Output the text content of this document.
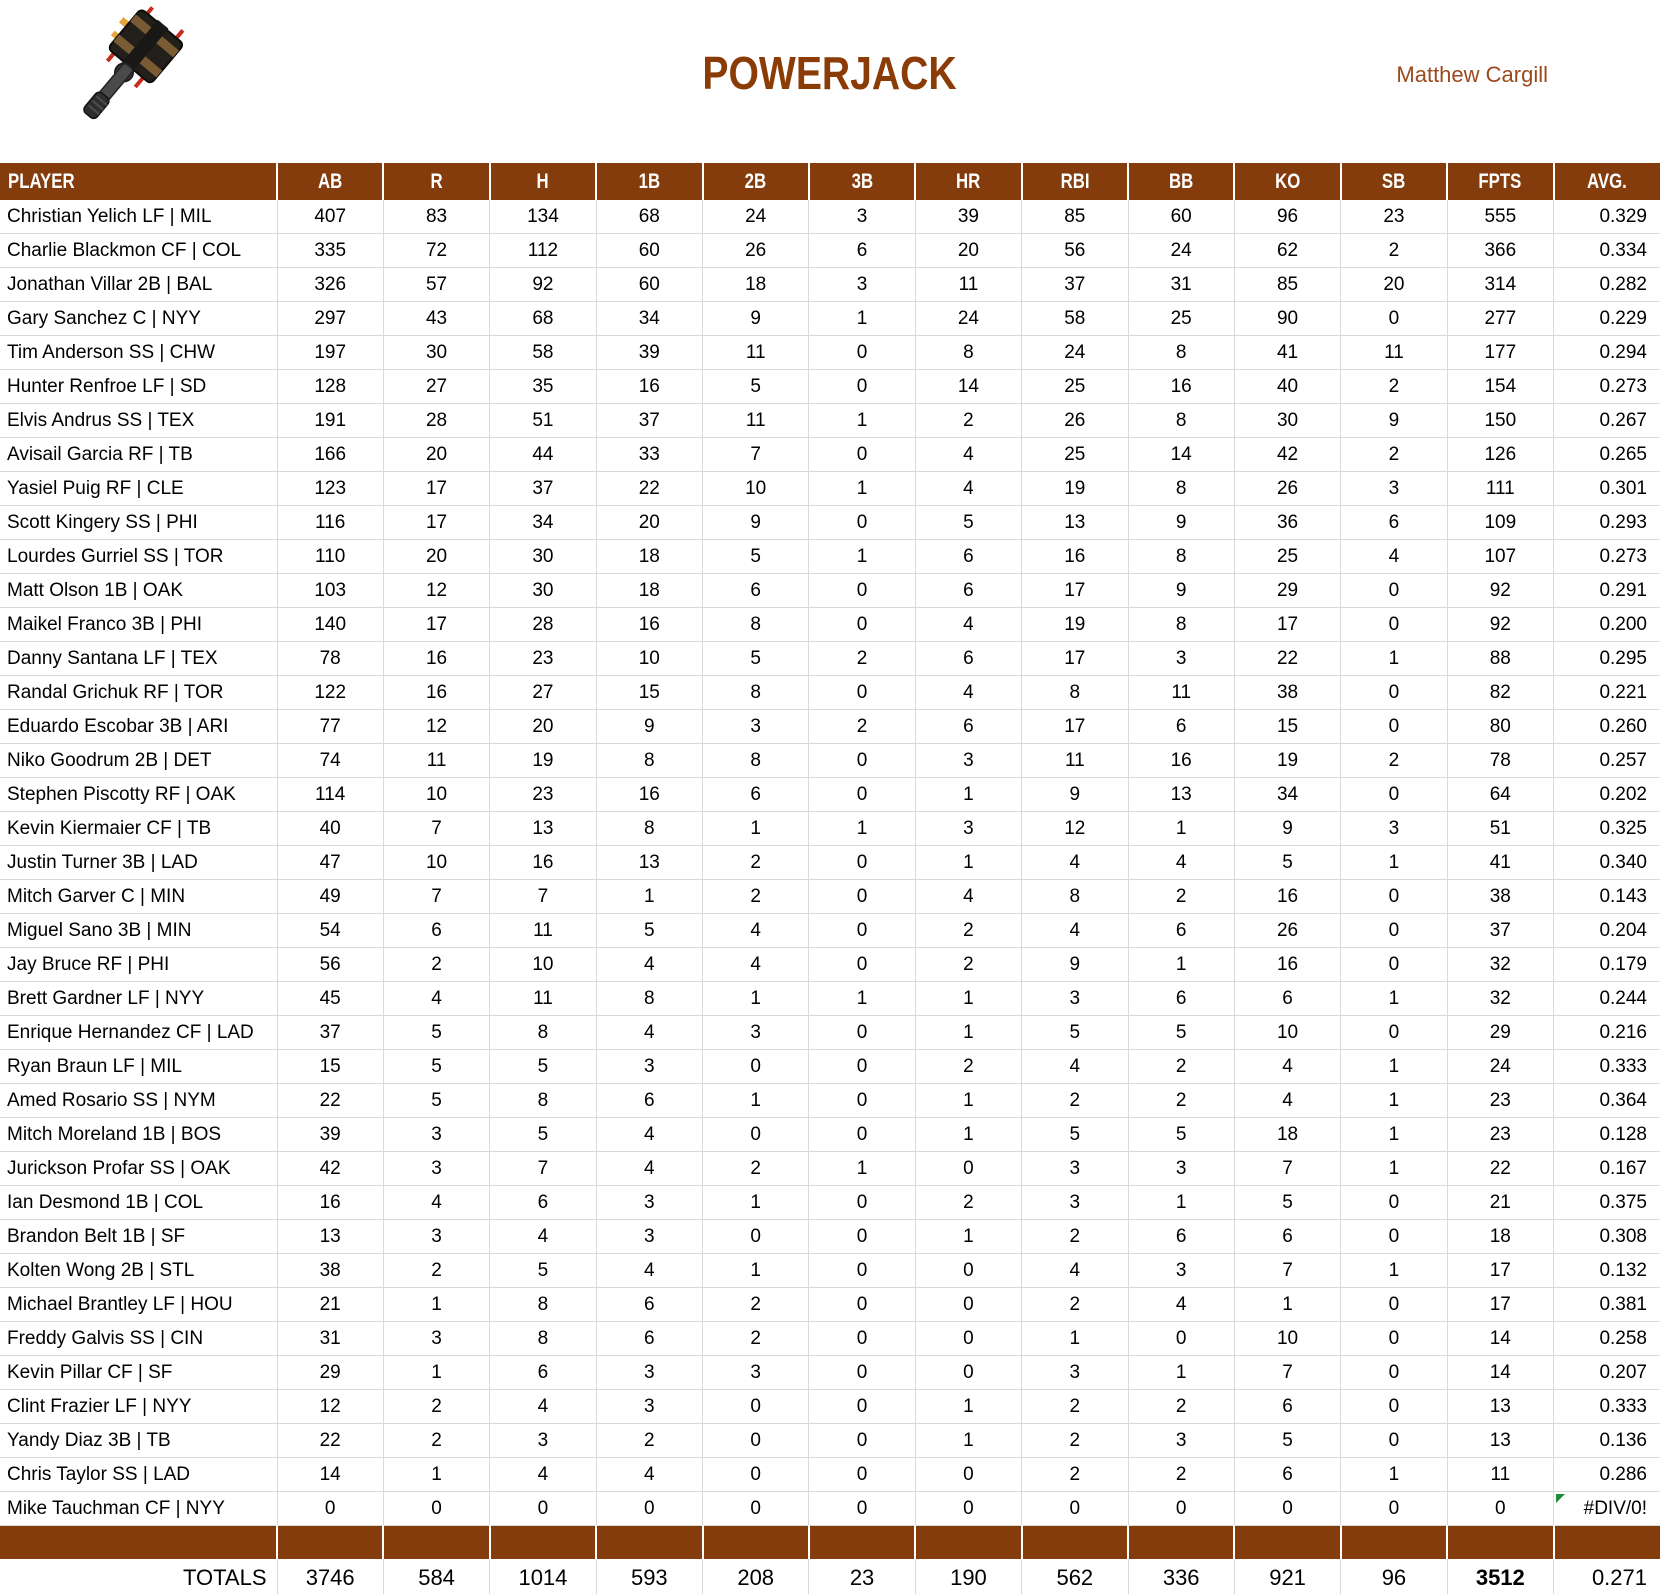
POWERJACK	Matthew Cargill
PLAYER	AB	R	H	1B	2B	3B	HR	RBI	BB	KO	SB	FPTS	AVG.
Christian Yelich LF | MIL	407	83	134	68	24	3	39	85	60	96	23	555	0.329
Charlie Blackmon CF | COL	335	72	112	60	26	6	20	56	24	62	2	366	0.334
Jonathan Villar 2B | BAL	326	57	92	60	18	3	11	37	31	85	20	314	0.282
Gary Sanchez C | NYY	297	43	68	34	9	1	24	58	25	90	0	277	0.229
Tim Anderson SS | CHW	197	30	58	39	11	0	8	24	8	41	11	177	0.294
Hunter Renfroe LF | SD	128	27	35	16	5	0	14	25	16	40	2	154	0.273
Elvis Andrus SS | TEX	191	28	51	37	11	1	2	26	8	30	9	150	0.267
Avisail Garcia RF | TB	166	20	44	33	7	0	4	25	14	42	2	126	0.265
Yasiel Puig RF | CLE	123	17	37	22	10	1	4	19	8	26	3	111	0.301
Scott Kingery SS | PHI	116	17	34	20	9	0	5	13	9	36	6	109	0.293
Lourdes Gurriel SS | TOR	110	20	30	18	5	1	6	16	8	25	4	107	0.273
Matt Olson 1B | OAK	103	12	30	18	6	0	6	17	9	29	0	92	0.291
Maikel Franco 3B | PHI	140	17	28	16	8	0	4	19	8	17	0	92	0.200
Danny Santana LF | TEX	78	16	23	10	5	2	6	17	3	22	1	88	0.295
Randal Grichuk RF | TOR	122	16	27	15	8	0	4	8	11	38	0	82	0.221
Eduardo Escobar 3B | ARI	77	12	20	9	3	2	6	17	6	15	0	80	0.260
Niko Goodrum 2B | DET	74	11	19	8	8	0	3	11	16	19	2	78	0.257
Stephen Piscotty RF | OAK	114	10	23	16	6	0	1	9	13	34	0	64	0.202
Kevin Kiermaier CF | TB	40	7	13	8	1	1	3	12	1	9	3	51	0.325
Justin Turner 3B | LAD	47	10	16	13	2	0	1	4	4	5	1	41	0.340
Mitch Garver C | MIN	49	7	7	1	2	0	4	8	2	16	0	38	0.143
Miguel Sano 3B | MIN	54	6	11	5	4	0	2	4	6	26	0	37	0.204
Jay Bruce RF | PHI	56	2	10	4	4	0	2	9	1	16	0	32	0.179
Brett Gardner LF | NYY	45	4	11	8	1	1	1	3	6	6	1	32	0.244
Enrique Hernandez CF | LAD	37	5	8	4	3	0	1	5	5	10	0	29	0.216
Ryan Braun LF | MIL	15	5	5	3	0	0	2	4	2	4	1	24	0.333
Amed Rosario SS | NYM	22	5	8	6	1	0	1	2	2	4	1	23	0.364
Mitch Moreland 1B | BOS	39	3	5	4	0	0	1	5	5	18	1	23	0.128
Jurickson Profar SS | OAK	42	3	7	4	2	1	0	3	3	7	1	22	0.167
Ian Desmond 1B | COL	16	4	6	3	1	0	2	3	1	5	0	21	0.375
Brandon Belt 1B | SF	13	3	4	3	0	0	1	2	6	6	0	18	0.308
Kolten Wong 2B | STL	38	2	5	4	1	0	0	4	3	7	1	17	0.132
Michael Brantley LF | HOU	21	1	8	6	2	0	0	2	4	1	0	17	0.381
Freddy Galvis SS | CIN	31	3	8	6	2	0	0	1	0	10	0	14	0.258
Kevin Pillar CF | SF	29	1	6	3	3	0	0	3	1	7	0	14	0.207
Clint Frazier LF | NYY	12	2	4	3	0	0	1	2	2	6	0	13	0.333
Yandy Diaz 3B | TB	22	2	3	2	0	0	1	2	3	5	0	13	0.136
Chris Taylor SS | LAD	14	1	4	4	0	0	0	2	2	6	1	11	0.286
Mike Tauchman CF | NYY	0	0	0	0	0	0	0	0	0	0	0	0	#DIV/0!

TOTALS	3746	584	1014	593	208	23	190	562	336	921	96	3512	0.271
